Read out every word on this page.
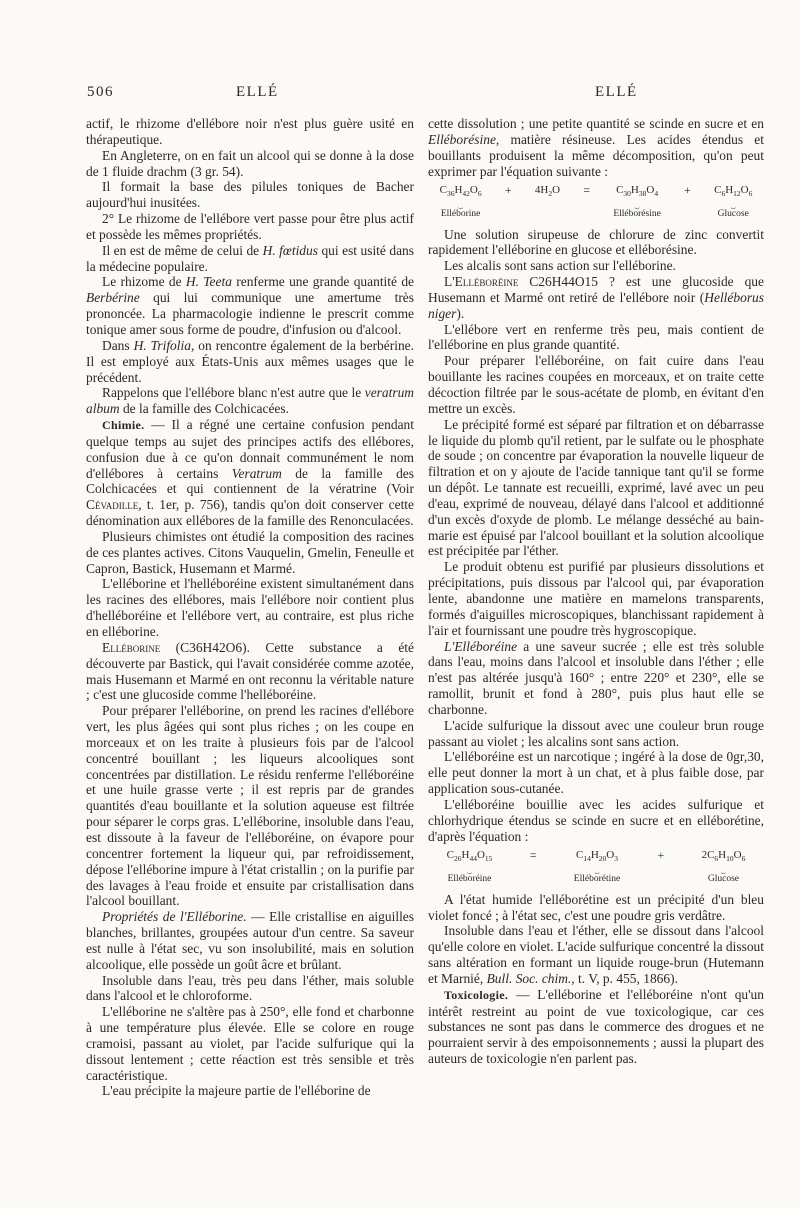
506	ELLÉ	ELLÉ

actif, le rhizome d'ellébore noir n'est plus guère usité en thérapeutique.

En Angleterre, on en fait un alcool qui se donne à la dose de 1 fluide drachm (3 gr. 54).

Il formait la base des pilules toniques de Bacher aujourd'hui inusitées.

2° Le rhizome de l'ellébore vert passe pour être plus actif et possède les mêmes propriétés.

Il en est de même de celui de H. fœtidus qui est usité dans la médecine populaire.

Le rhizome de H. Teeta renferme une grande quantité de Berbérine qui lui communique une amertume très prononcée. La pharmacologie indienne le prescrit comme tonique amer sous forme de poudre, d'infusion ou d'alcool.

Dans H. Trifolia, on rencontre également de la berbérine. Il est employé aux États-Unis aux mêmes usages que le précédent.

Rappelons que l'ellébore blanc n'est autre que le veratrum album de la famille des Colchicacées.

Chimie. — Il a régné une certaine confusion pendant quelque temps au sujet des principes actifs des ellébores, confusion due à ce qu'on donnait communément le nom d'ellébores à certains Veratrum de la famille des Colchicacées et qui contiennent de la vératrine (Voir Cévadille, t. 1er, p. 756), tandis qu'on doit conserver cette dénomination aux ellébores de la famille des Renonculacées.

Plusieurs chimistes ont étudié la composition des racines de ces plantes actives. Citons Vauquelin, Gmelin, Feneulle et Capron, Bastick, Husemann et Marmé.

L'elléborine et l'helléboréine existent simultanément dans les racines des ellébores, mais l'ellébore noir contient plus d'helléboréine et l'ellébore vert, au contraire, est plus riche en elléborine.

Elléborine (C36H42O6). Cette substance a été découverte par Bastick, qui l'avait considérée comme azotée, mais Husemann et Marmé en ont reconnu la véritable nature ; c'est une glucoside comme l'helléboréine.

Pour préparer l'elléborine, on prend les racines d'ellébore vert, les plus âgées qui sont plus riches ; on les coupe en morceaux et on les traite à plusieurs fois par de l'alcool concentré bouillant ; les liqueurs alcooliques sont concentrées par distillation. Le résidu renferme l'elléboréine et une huile grasse verte ; il est repris par de grandes quantités d'eau bouillante et la solution aqueuse est filtrée pour séparer le corps gras. L'elléborine, insoluble dans l'eau, est dissoute à la faveur de l'elléboréine, on évapore pour concentrer fortement la liqueur qui, par refroidissement, dépose l'elléborine impure à l'état cristallin ; on la purifie par des lavages à l'eau froide et ensuite par cristallisation dans l'alcool bouillant.

Propriétés de l'Elléborine. — Elle cristallise en aiguilles blanches, brillantes, groupées autour d'un centre. Sa saveur est nulle à l'état sec, vu son insolubilité, mais en solution alcoolique, elle possède un goût âcre et brûlant.

Insoluble dans l'eau, très peu dans l'éther, mais soluble dans l'alcool et le chloroforme.

L'elléborine ne s'altère pas à 250°, elle fond et charbonne à une température plus élevée. Elle se colore en rouge cramoisi, passant au violet, par l'acide sulfurique qui la dissout lentement ; cette réaction est très sensible et très caractéristique.

L'eau précipite la majeure partie de l'elléborine de

cette dissolution ; une petite quantité se scinde en sucre et en Elléborésine, matière résineuse. Les acides étendus et bouillants produisent la même décomposition, qu'on peut exprimer par l'équation suivante :

$C_{36}H_{42}O_6$
⏟
Elléborine
+ $4H_2O = C_{30}H_{38}O_4$
⏟
Elléborésine
+ $C_6H_{12}O_6$
⏟
Glucose

Une solution sirupeuse de chlorure de zinc convertit rapidement l'elléborine en glucose et elléborésine.

Les alcalis sont sans action sur l'elléborine.

L'Elléboréine C26H44O15 ? est une glucoside que Husemann et Marmé ont retiré de l'ellébore noir (Helléborus niger).

L'ellébore vert en renferme très peu, mais contient de l'elléborine en plus grande quantité.

Pour préparer l'elléboréine, on fait cuire dans l'eau bouillante les racines coupées en morceaux, et on traite cette décoction filtrée par le sous-acétate de plomb, en évitant d'en mettre un excès.

Le précipité formé est séparé par filtration et on débarrasse le liquide du plomb qu'il retient, par le sulfate ou le phosphate de soude ; on concentre par évaporation la nouvelle liqueur de filtration et on y ajoute de l'acide tannique tant qu'il se forme un dépôt. Le tannate est recueilli, exprimé, lavé avec un peu d'eau, exprimé de nouveau, délayé dans l'alcool et additionné d'un excès d'oxyde de plomb. Le mélange desséché au bain-marie est épuisé par l'alcool bouillant et la solution alcoolique est précipitée par l'éther.

Le produit obtenu est purifié par plusieurs dissolutions et précipitations, puis dissous par l'alcool qui, par évaporation lente, abandonne une matière en mamelons transparents, formés d'aiguilles microscopiques, blanchissant rapidement à l'air et fournissant une poudre très hygroscopique.

L'Elléboréine a une saveur sucrée ; elle est très soluble dans l'eau, moins dans l'alcool et insoluble dans l'éther ; elle n'est pas altérée jusqu'à 160° ; entre 220° et 230°, elle se ramollit, brunit et fond à 280°, puis plus haut elle se charbonne.

L'acide sulfurique la dissout avec une couleur brun rouge passant au violet ; les alcalins sont sans action.

L'elléboréine est un narcotique ; ingéré à la dose de 0gr,30, elle peut donner la mort à un chat, et à plus faible dose, par application sous-cutanée.

L'elléboréine bouillie avec les acides sulfurique et chlorhydrique étendus se scinde en sucre et en elléborétine, d'après l'équation :

$C_{26}H_{44}O_{15}$
⏟
Elléboréine
=	$C_{14}H_{20}O_3$
⏟
Elléborétine
+	$2C_6H_{10}O_6$
⏟
Glucose

A l'état humide l'elléborétine est un précipité d'un bleu violet foncé ; à l'état sec, c'est une poudre gris verdâtre.

Insoluble dans l'eau et l'éther, elle se dissout dans l'alcool qu'elle colore en violet. L'acide sulfurique concentré la dissout sans altération en formant un liquide rouge-brun (Hutemann et Marnié, Bull. Soc. chim., t. V, p. 455, 1866).

Toxicologie. — L'elléborine et l'elléboréine n'ont qu'un intérêt restreint au point de vue toxicologique, car ces substances ne sont pas dans le commerce des drogues et ne pourraient servir à des empoisonnements ; aussi la plupart des auteurs de toxicologie n'en parlent pas.
